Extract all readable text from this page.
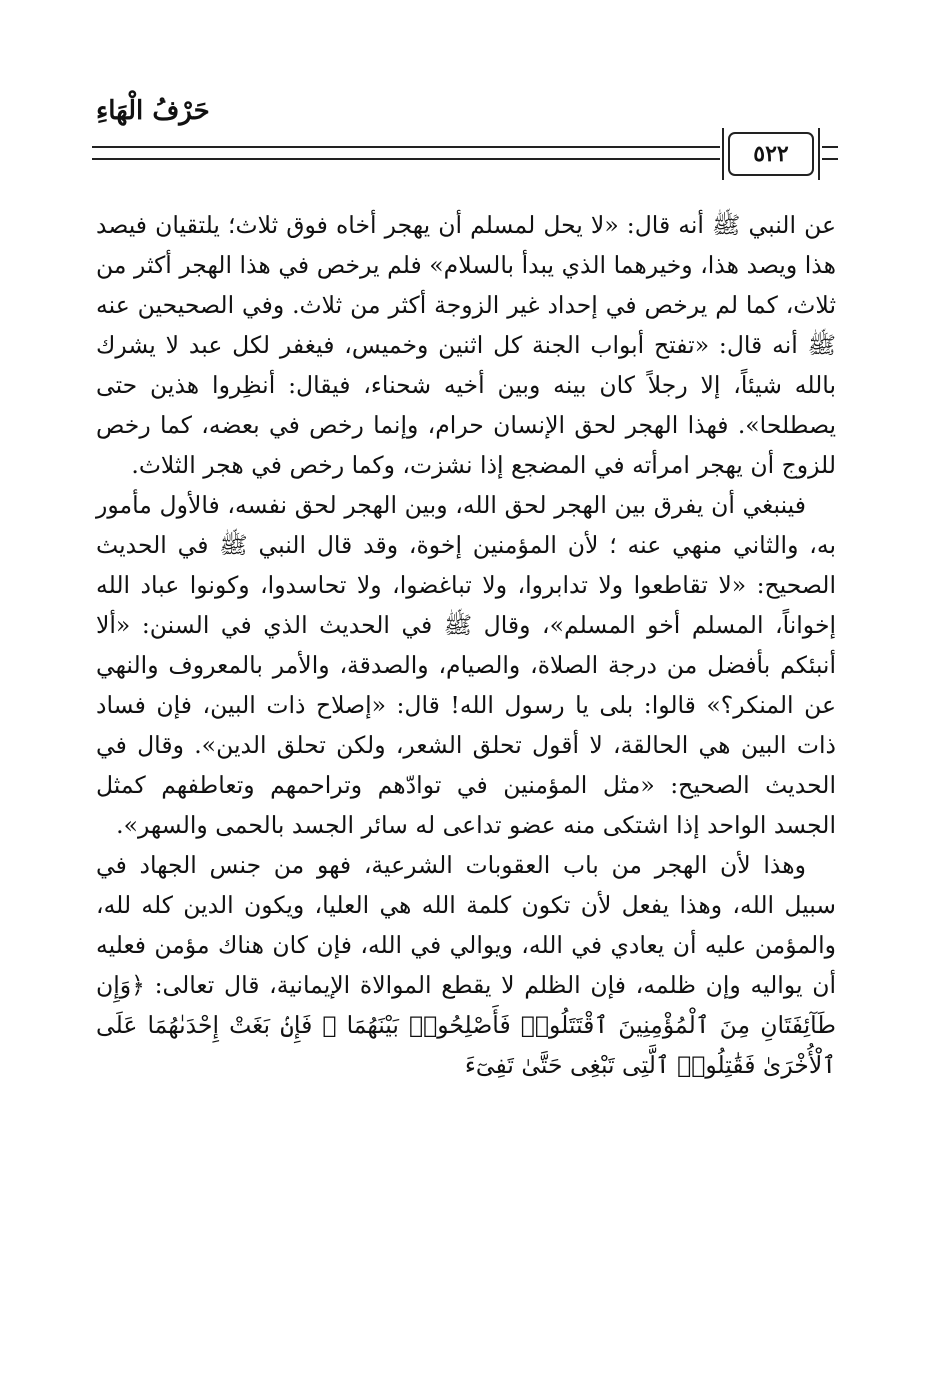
حَرْفُ الْهَاءِ
٥٢٢

عن النبي ﷺ أنه قال: «لا يحل لمسلم أن يهجر أخاه فوق ثلاث؛ يلتقيان فيصد هذا ويصد هذا، وخيرهما الذي يبدأ بالسلام» فلم يرخص في هذا الهجر أكثر من ثلاث، كما لم يرخص في إحداد غير الزوجة أكثر من ثلاث. وفي الصحيحين عنه ﷺ أنه قال: «تفتح أبواب الجنة كل اثنين وخميس، فيغفر لكل عبد لا يشرك بالله شيئاً، إلا رجلاً كان بينه وبين أخيه شحناء، فيقال: أنظِروا هذين حتى يصطلحا». فهذا الهجر لحق الإنسان حرام، وإنما رخص في بعضه، كما رخص للزوج أن يهجر امرأته في المضجع إذا نشزت، وكما رخص في هجر الثلاث.

فينبغي أن يفرق بين الهجر لحق الله، وبين الهجر لحق نفسه، فالأول مأمور به، والثاني منهي عنه ؛ لأن المؤمنين إخوة، وقد قال النبي ﷺ في الحديث الصحيح: «لا تقاطعوا ولا تدابروا، ولا تباغضوا، ولا تحاسدوا، وكونوا عباد الله إخواناً، المسلم أخو المسلم»، وقال ﷺ في الحديث الذي في السنن: «ألا أنبئكم بأفضل من درجة الصلاة، والصيام، والصدقة، والأمر بالمعروف والنهي عن المنكر؟» قالوا: بلى يا رسول الله! قال: «إصلاح ذات البين، فإن فساد ذات البين هي الحالقة، لا أقول تحلق الشعر، ولكن تحلق الدين». وقال في الحديث الصحيح: «مثل المؤمنين في توادّهم وتراحمهم وتعاطفهم كمثل الجسد الواحد إذا اشتكى منه عضو تداعى له سائر الجسد بالحمى والسهر».

وهذا لأن الهجر من باب العقوبات الشرعية، فهو من جنس الجهاد في سبيل الله، وهذا يفعل لأن تكون كلمة الله هي العليا، ويكون الدين كله لله، والمؤمن عليه أن يعادي في الله، ويوالي في الله، فإن كان هناك مؤمن فعليه أن يواليه وإن ظلمه، فإن الظلم لا يقطع الموالاة الإيمانية، قال تعالى: ﴿وَإِن طَآئِفَتَانِ مِنَ ٱلْمُؤْمِنِينَ ٱقْتَتَلُوا۟ فَأَصْلِحُوا۟ بَيْنَهُمَا ۖ فَإِنۢ بَغَتْ إِحْدَىٰهُمَا عَلَى ٱلْأُخْرَىٰ فَقَٰتِلُوا۟ ٱلَّتِى تَبْغِى حَتَّىٰ تَفِىٓءَ
